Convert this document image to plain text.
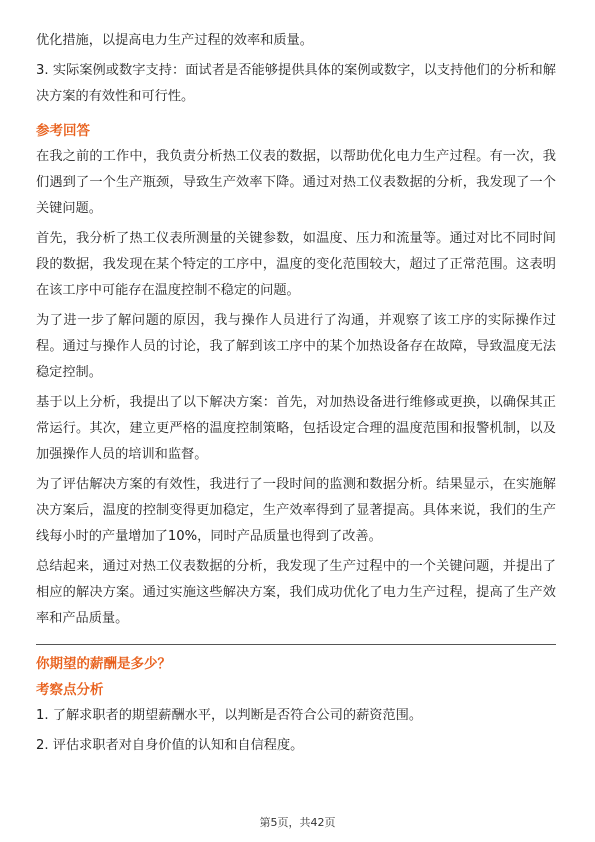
优化措施，以提高电力生产过程的效率和质量。

3. 实际案例或数字支持：面试者是否能够提供具体的案例或数字，以支持他们的分析和解决方案的有效性和可行性。

参考回答

在我之前的工作中，我负责分析热工仪表的数据，以帮助优化电力生产过程。有一次，我们遇到了一个生产瓶颈，导致生产效率下降。通过对热工仪表数据的分析，我发现了一个关键问题。

首先，我分析了热工仪表所测量的关键参数，如温度、压力和流量等。通过对比不同时间段的数据，我发现在某个特定的工序中，温度的变化范围较大，超过了正常范围。这表明在该工序中可能存在温度控制不稳定的问题。

为了进一步了解问题的原因，我与操作人员进行了沟通，并观察了该工序的实际操作过程。通过与操作人员的讨论，我了解到该工序中的某个加热设备存在故障，导致温度无法稳定控制。

基于以上分析，我提出了以下解决方案：首先，对加热设备进行维修或更换，以确保其正常运行。其次，建立更严格的温度控制策略，包括设定合理的温度范围和报警机制，以及加强操作人员的培训和监督。

为了评估解决方案的有效性，我进行了一段时间的监测和数据分析。结果显示，在实施解决方案后，温度的控制变得更加稳定，生产效率得到了显著提高。具体来说，我们的生产线每小时的产量增加了10%，同时产品质量也得到了改善。

总结起来，通过对热工仪表数据的分析，我发现了生产过程中的一个关键问题，并提出了相应的解决方案。通过实施这些解决方案，我们成功优化了电力生产过程，提高了生产效率和产品质量。

你期望的薪酬是多少？
考察点分析

1. 了解求职者的期望薪酬水平，以判断是否符合公司的薪资范围。

2. 评估求职者对自身价值的认知和自信程度。

第5页，共42页
